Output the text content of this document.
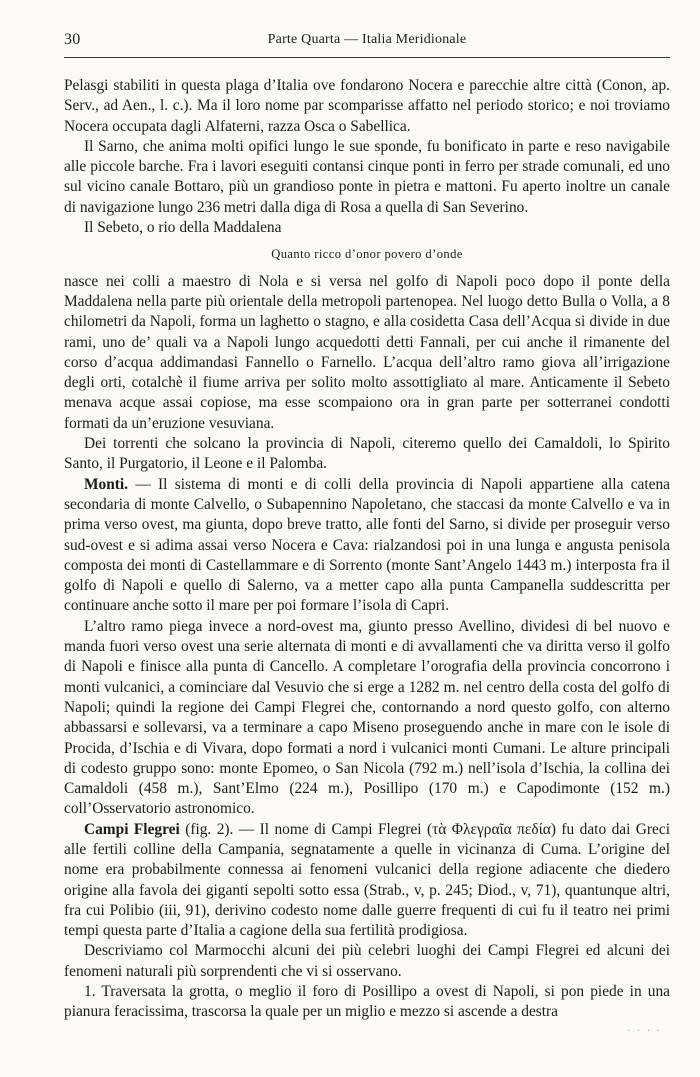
30	Parte Quarta — Italia Meridionale

Pelasgi stabiliti in questa plaga d’Italia ove fondarono Nocera e parecchie altre città (Conon, ap. Serv., ad Aen., l. c.). Ma il loro nome par scomparisse affatto nel periodo storico; e noi troviamo Nocera occupata dagli Alfaterni, razza Osca o Sabellica.

Il Sarno, che anima molti opifici lungo le sue sponde, fu bonificato in parte e reso navigabile alle piccole barche. Fra i lavori eseguiti contansi cinque ponti in ferro per strade comunali, ed uno sul vicino canale Bottaro, più un grandioso ponte in pietra e mattoni. Fu aperto inoltre un canale di navigazione lungo 236 metri dalla diga di Rosa a quella di San Severino.

Il Sebeto, o rio della Maddalena

Quanto ricco d’onor povero d’onde

nasce nei colli a maestro di Nola e si versa nel golfo di Napoli poco dopo il ponte della Maddalena nella parte più orientale della metropoli partenopea. Nel luogo detto Bulla o Volla, a 8 chilometri da Napoli, forma un laghetto o stagno, e alla cosidetta Casa dell’Acqua si divide in due rami, uno de’ quali va a Napoli lungo acquedotti detti Fannali, per cui anche il rimanente del corso d’acqua addimandasi Fannello o Farnello. L’acqua dell’altro ramo giova all’irrigazione degli orti, cotalchè il fiume arriva per solito molto assottigliato al mare. Anticamente il Sebeto menava acque assai copiose, ma esse scompaiono ora in gran parte per sotterranei condotti formati da un’eruzione vesuviana.

Dei torrenti che solcano la provincia di Napoli, citeremo quello dei Camaldoli, lo Spirito Santo, il Purgatorio, il Leone e il Palomba.

Monti. — Il sistema di monti e di colli della provincia di Napoli appartiene alla catena secondaria di monte Calvello, o Subapennino Napoletano, che staccasi da monte Calvello e va in prima verso ovest, ma giunta, dopo breve tratto, alle fonti del Sarno, si divide per proseguir verso sud-ovest e si adima assai verso Nocera e Cava: rialzandosi poi in una lunga e angusta penisola composta dei monti di Castellammare e di Sorrento (monte Sant’Angelo 1443 m.) interposta fra il golfo di Napoli e quello di Salerno, va a metter capo alla punta Campanella suddescritta per continuare anche sotto il mare per poi formare l’isola di Capri.

L’altro ramo piega invece a nord-ovest ma, giunto presso Avellino, dividesi di bel nuovo e manda fuori verso ovest una serie alternata di monti e di avvallamenti che va diritta verso il golfo di Napoli e finisce alla punta di Cancello. A completare l’orografia della provincia concorrono i monti vulcanici, a cominciare dal Vesuvio che si erge a 1282 m. nel centro della costa del golfo di Napoli; quindi la regione dei Campi Flegrei che, contornando a nord questo golfo, con alterno abbassarsi e sollevarsi, va a terminare a capo Miseno proseguendo anche in mare con le isole di Procida, d’Ischia e di Vivara, dopo formati a nord i vulcanici monti Cumani. Le alture principali di codesto gruppo sono: monte Epomeo, o San Nicola (792 m.) nell’isola d’Ischia, la collina dei Camaldoli (458 m.), Sant’Elmo (224 m.), Posillipo (170 m.) e Capodimonte (152 m.) coll’Osservatorio astronomico.

Campi Flegrei (fig. 2). — Il nome di Campi Flegrei (τὰ Φλεγραῖα πεδία) fu dato dai Greci alle fertili colline della Campania, segnatamente a quelle in vicinanza di Cuma. L’origine del nome era probabilmente connessa ai fenomeni vulcanici della regione adiacente che diedero origine alla favola dei giganti sepolti sotto essa (Strab., v, p. 245; Diod., v, 71), quantunque altri, fra cui Polibio (iii, 91), derivino codesto nome dalle guerre frequenti di cui fu il teatro nei primi tempi questa parte d’Italia a cagione della sua fertilità prodigiosa.

Descriviamo col Marmocchi alcuni dei più celebri luoghi dei Campi Flegrei ed alcuni dei fenomeni naturali più sorprendenti che vi si osservano.

1. Traversata la grotta, o meglio il foro di Posillipo a ovest di Napoli, si pon piede in una pianura feracissima, trascorsa la quale per un miglio e mezzo si ascende a destra

· · · ·
